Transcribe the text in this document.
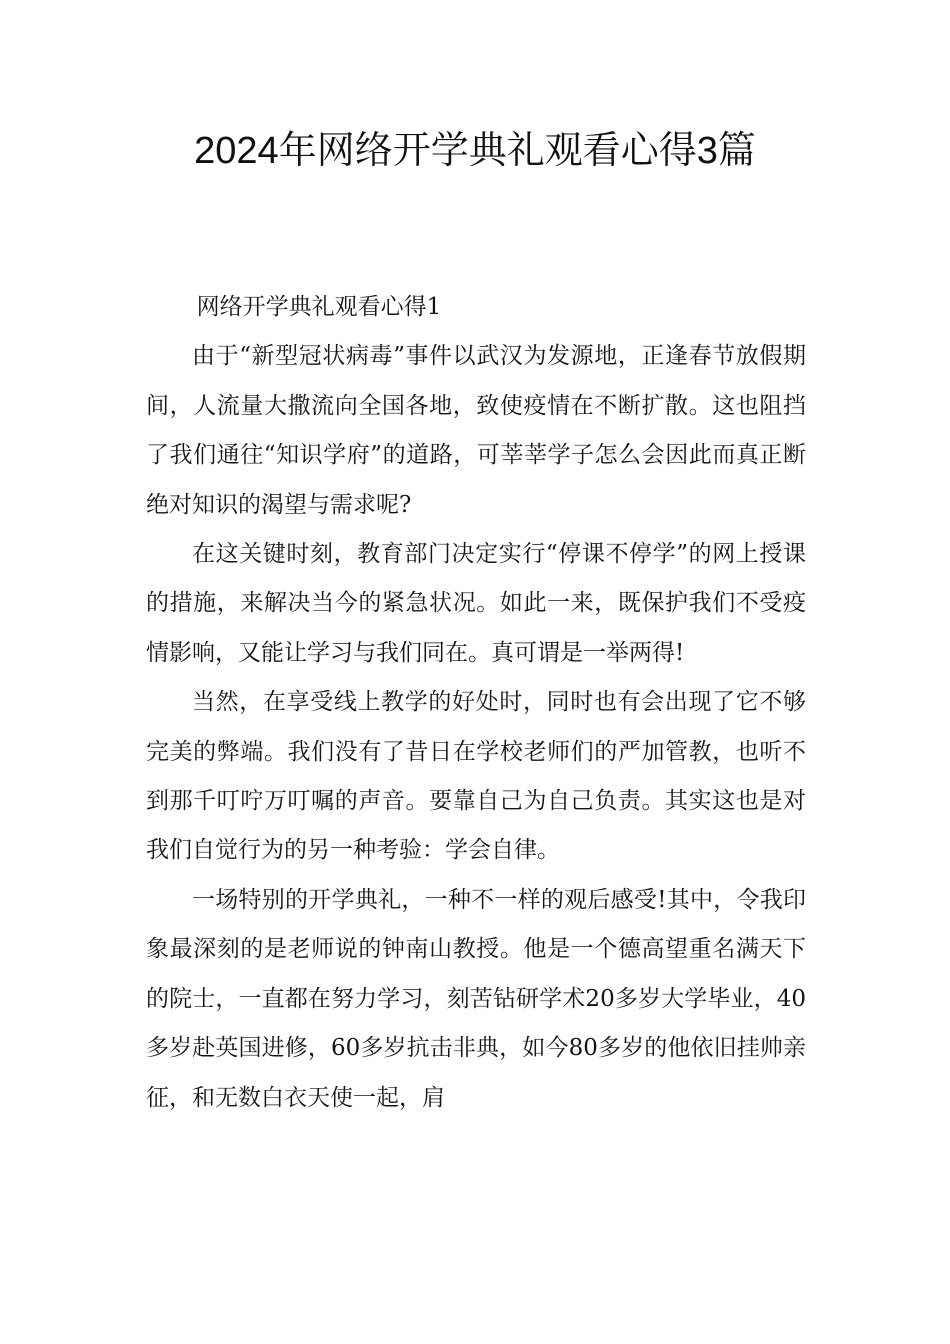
2024年网络开学典礼观看心得3篇

网络开学典礼观看心得1

由于“新型冠状病毒”事件以武汉为发源地，正逢春节放假期间，人流量大撒流向全国各地，致使疫情在不断扩散。这也阻挡了我们通往“知识学府”的道路，可莘莘学子怎么会因此而真正断绝对知识的渴望与需求呢?

在这关键时刻，教育部门决定实行“停课不停学”的网上授课的措施，来解决当今的紧急状况。如此一来，既保护我们不受疫情影响，又能让学习与我们同在。真可谓是一举两得!

当然，在享受线上教学的好处时，同时也有会出现了它不够完美的弊端。我们没有了昔日在学校老师们的严加管教，也听不到那千叮咛万叮嘱的声音。要靠自己为自己负责。其实这也是对我们自觉行为的另一种考验：学会自律。

一场特别的开学典礼，一种不一样的观后感受!其中，令我印象最深刻的是老师说的钟南山教授。他是一个德高望重名满天下的院士，一直都在努力学习，刻苦钻研学术20多岁大学毕业，40多岁赴英国进修，60多岁抗击非典，如今80多岁的他依旧挂帅亲征，和无数白衣天使一起，肩
